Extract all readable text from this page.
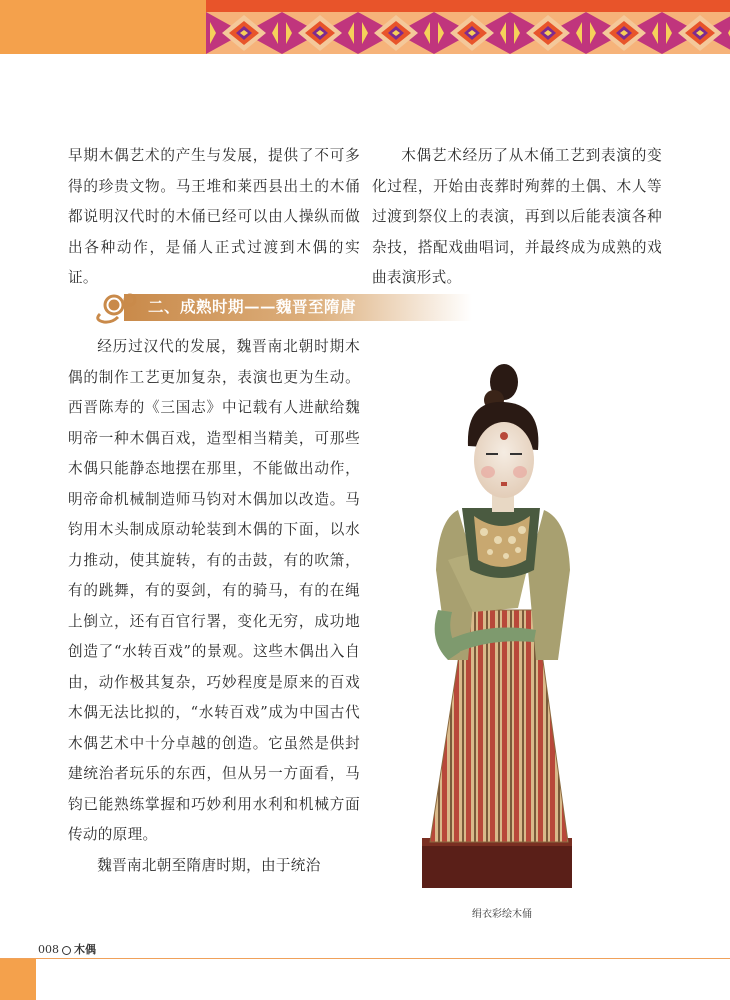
早期木偶艺术的产生与发展，提供了不可多得的珍贵文物。马王堆和莱西县出土的木俑都说明汉代时的木俑已经可以由人操纵而做出各种动作，是俑人正式过渡到木偶的实证。

木偶艺术经历了从木俑工艺到表演的变化过程，开始由丧葬时殉葬的土偶、木人等过渡到祭仪上的表演，再到以后能表演各种杂技，搭配戏曲唱词，并最终成为成熟的戏曲表演形式。

二、成熟时期——魏晋至隋唐

经历过汉代的发展，魏晋南北朝时期木偶的制作工艺更加复杂，表演也更为生动。西晋陈寿的《三国志》中记载有人进献给魏明帝一种木偶百戏，造型相当精美，可那些木偶只能静态地摆在那里，不能做出动作，明帝命机械制造师马钧对木偶加以改造。马钧用木头制成原动轮装到木偶的下面，以水力推动，使其旋转，有的击鼓，有的吹箫，有的跳舞，有的耍剑，有的骑马，有的在绳上倒立，还有百官行署，变化无穷，成功地创造了“水转百戏”的景观。这些木偶出入自由，动作极其复杂，巧妙程度是原来的百戏木偶无法比拟的，“水转百戏”成为中国古代木偶艺术中十分卓越的创造。它虽然是供封建统治者玩乐的东西，但从另一方面看，马钧已能熟练掌握和巧妙利用水利和机械方面传动的原理。
魏晋南北朝至隋唐时期，由于统治

绢衣彩绘木俑
008 木偶
